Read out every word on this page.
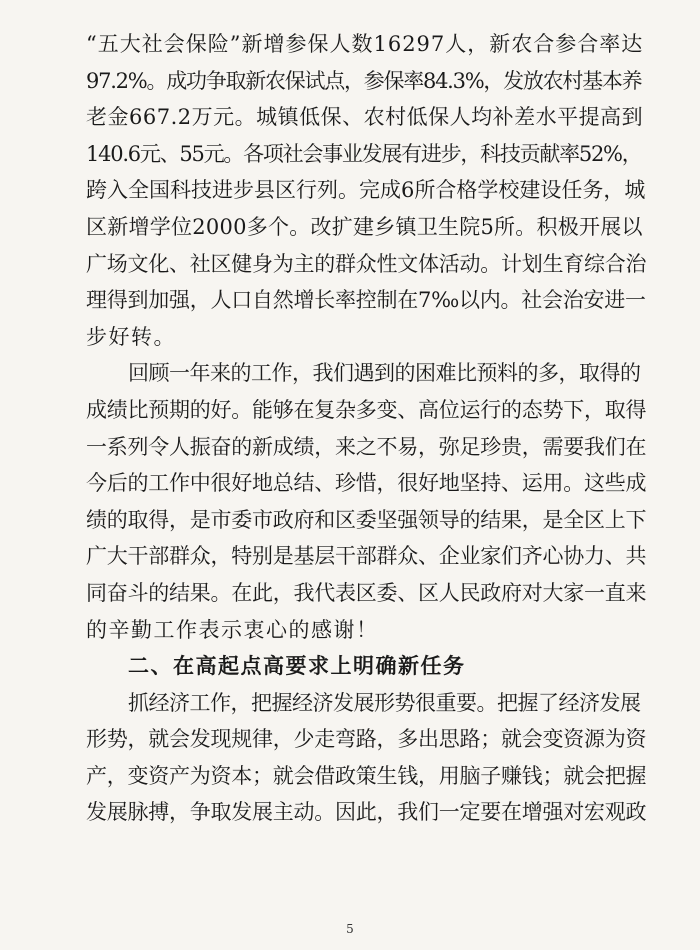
“五大社会保险”新增参保人数16297人，新农合参合率达
97.2%。成功争取新农保试点，参保率84.3%，发放农村基本养
老金667.2万元。城镇低保、农村低保人均补差水平提高到
140.6元、55元。各项社会事业发展有进步，科技贡献率52%，
跨入全国科技进步县区行列。完成6所合格学校建设任务，城
区新增学位2000多个。改扩建乡镇卫生院5所。积极开展以
广场文化、社区健身为主的群众性文体活动。计划生育综合治
理得到加强，人口自然增长率控制在7‰以内。社会治安进一
步好转。
回顾一年来的工作，我们遇到的困难比预料的多，取得的
成绩比预期的好。能够在复杂多变、高位运行的态势下，取得
一系列令人振奋的新成绩，来之不易，弥足珍贵，需要我们在
今后的工作中很好地总结、珍惜，很好地坚持、运用。这些成
绩的取得，是市委市政府和区委坚强领导的结果，是全区上下
广大干部群众，特别是基层干部群众、企业家们齐心协力、共
同奋斗的结果。在此，我代表区委、区人民政府对大家一直来
的辛勤工作表示衷心的感谢！
二、在高起点高要求上明确新任务
抓经济工作，把握经济发展形势很重要。把握了经济发展
形势，就会发现规律，少走弯路，多出思路；就会变资源为资
产，变资产为资本；就会借政策生钱，用脑子赚钱；就会把握
发展脉搏，争取发展主动。因此，我们一定要在增强对宏观政
5
